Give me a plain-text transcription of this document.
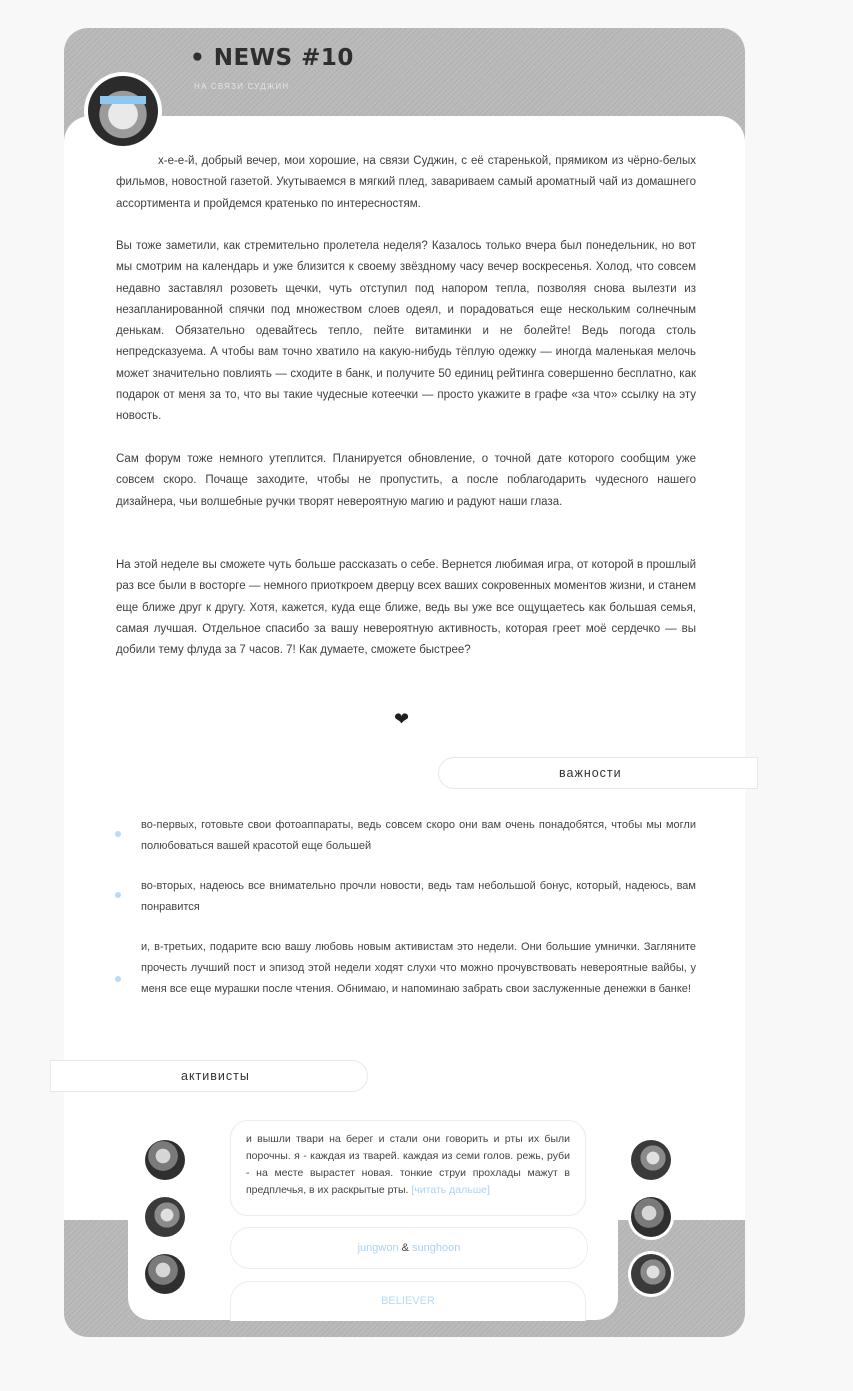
• NEWS #10
НА СВЯЗИ СУДЖИН

х-е-е-й, добрый вечер, мои хорошие, на связи Суджин, с её старенькой, прямиком из чёрно-белых фильмов, новостной газетой. Укутываемся в мягкий плед, завариваем самый ароматный чай из домашнего ассортимента и пройдемся кратенько по интересностям.

Вы тоже заметили, как стремительно пролетела неделя? Казалось только вчера был понедельник, но вот мы смотрим на календарь и уже близится к своему звёздному часу вечер воскресенья. Холод, что совсем недавно заставлял розоветь щечки, чуть отступил под напором тепла, позволяя снова вылезти из незапланированной спячки под множеством слоев одеял, и порадоваться еще нескольким солнечным денькам. Обязательно одевайтесь тепло, пейте витаминки и не болейте! Ведь погода столь непредсказуема. А чтобы вам точно хватило на какую-нибудь тёплую одежку — иногда маленькая мелочь может значительно повлиять — сходите в банк, и получите 50 единиц рейтинга совершенно бесплатно, как подарок от меня за то, что вы такие чудесные котеечки — просто укажите в графе «за что» ссылку на эту новость.

Сам форум тоже немного утеплится. Планируется обновление, о точной дате которого сообщим уже совсем скоро. Почаще заходите, чтобы не пропустить, а после поблагодарить чудесного нашего дизайнера, чьи волшебные ручки творят невероятную магию и радуют наши глаза.

На этой неделе вы сможете чуть больше рассказать о себе. Вернется любимая игра, от которой в прошлый раз все были в восторге — немного приоткроем дверцу всех ваших сокровенных моментов жизни, и станем еще ближе друг к другу. Хотя, кажется, куда еще ближе, ведь вы уже все ощущаетесь как большая семья, самая лучшая. Отдельное спасибо за вашу невероятную активность, которая греет моё сердечко — вы добили тему флуда за 7 часов. 7! Как думаете, сможете быстрее?

❤
важности
во-первых, готовьте свои фотоаппараты, ведь совсем скоро они вам очень понадобятся, чтобы мы могли полюбоваться вашей красотой еще большей
во-вторых, надеюсь все внимательно прочли новости, ведь там небольшой бонус, который, надеюсь, вам понравится
и, в-третьих, подарите всю вашу любовь новым активистам это недели. Они большие умнички. Загляните прочесть лучший пост и эпизод этой недели ходят слухи что можно прочувствовать невероятные вайбы, у меня все еще мурашки после чтения. Обнимаю, и напоминаю забрать свои заслуженные денежки в банке!
активисты
и вышли твари на берег и стали они говорить и рты их были порочны. я - каждая из тварей. каждая из семи голов. режь, руби - на месте вырастет новая. тонкие струи прохлады мажут в предплечья, в их раскрытые рты. [читать дальше]
jungwon
&
sunghoon
BELIEVER
